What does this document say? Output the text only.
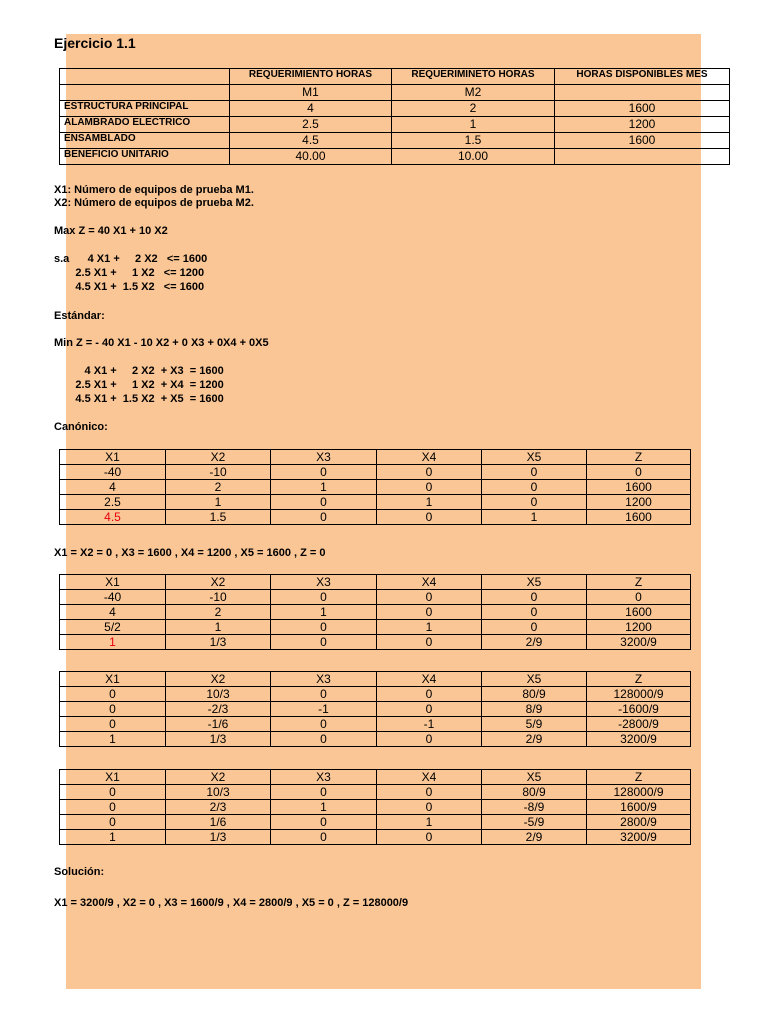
Ejercicio 1.1
	REQUERIMIENTO HORAS	REQUERIMINETO HORAS	HORAS DISPONIBLES MES
	M1	M2	
ESTRUCTURA PRINCIPAL	4	2	1600
ALAMBRADO ELECTRICO	2.5	1	1200
ENSAMBLADO	4.5	1.5	1600
BENEFICIO UNITARIO	40.00	10.00	
X1: Número de equipos de prueba M1.
X2: Número de equipos de prueba M2.
Max Z = 40 X1 + 10 X2
s.a      4 X1 +     2 X2   <= 1600
2.5 X1 +     1 X2   <= 1200
4.5 X1 +  1.5 X2   <= 1600
Estándar:
Min Z = - 40 X1 - 10 X2 + 0 X3 + 0X4 + 0X5
4 X1 +     2 X2  + X3  = 1600
2.5 X1 +     1 X2  + X4  = 1200
4.5 X1 +  1.5 X2  + X5  = 1600
Canónico:
X1	X2	X3	X4	X5	Z
-40	-10	0	0	0	0
4	2	1	0	0	1600
2.5	1	0	1	0	1200
4.5	1.5	0	0	1	1600
X1 = X2 = 0 , X3 = 1600 , X4 = 1200 , X5 = 1600 , Z = 0
X1	X2	X3	X4	X5	Z
-40	-10	0	0	0	0
4	2	1	0	0	1600
5/2	1	0	1	0	1200
1	1/3	0	0	2/9	3200/9
X1	X2	X3	X4	X5	Z
0	10/3	0	0	80/9	128000/9
0	-2/3	-1	0	8/9	-1600/9
0	-1/6	0	-1	5/9	-2800/9
1	1/3	0	0	2/9	3200/9
X1	X2	X3	X4	X5	Z
0	10/3	0	0	80/9	128000/9
0	2/3	1	0	-8/9	1600/9
0	1/6	0	1	-5/9	2800/9
1	1/3	0	0	2/9	3200/9
Solución:
X1 = 3200/9 , X2 = 0 , X3 = 1600/9 , X4 = 2800/9 , X5 = 0 , Z = 128000/9
